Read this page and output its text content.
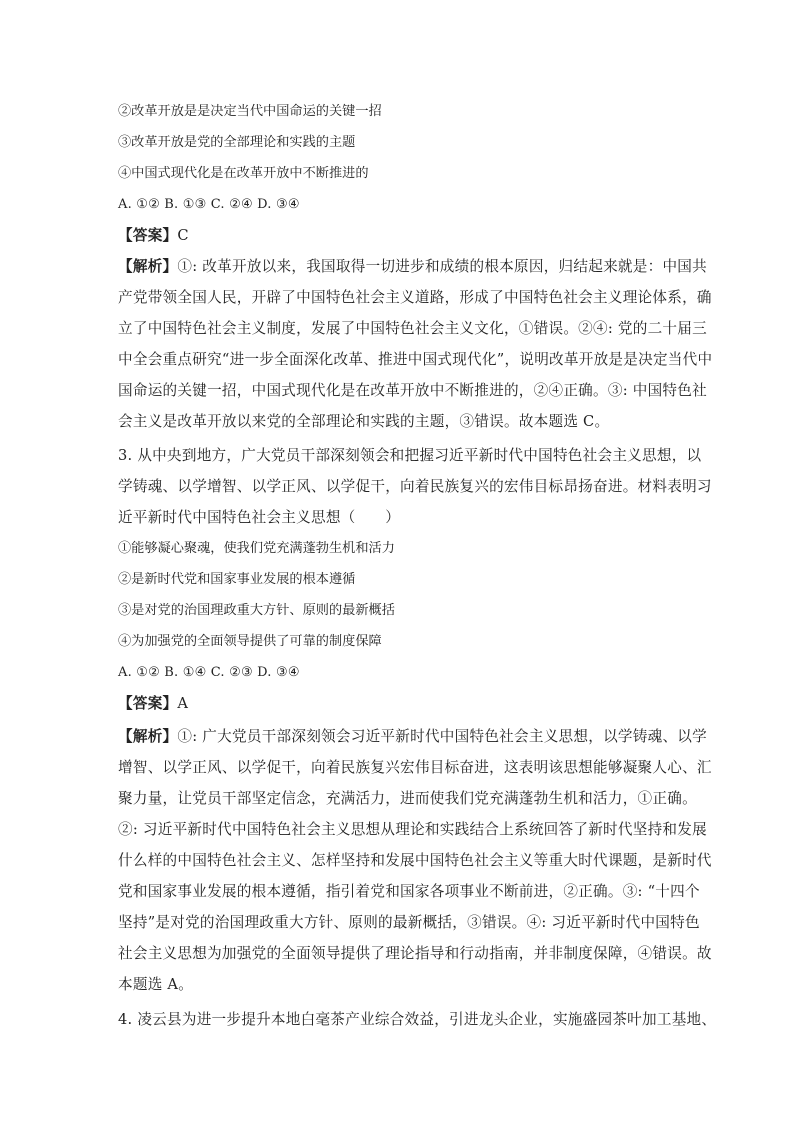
②改革开放是是决定当代中国命运的关键一招
③改革开放是党的全部理论和实践的主题
④中国式现代化是在改革开放中不断推进的
A. ①② B. ①③ C. ②④ D. ③④
【答案】C
【解析】①: 改革开放以来，我国取得一切进步和成绩的根本原因，归结起来就是：中国共
产党带领全国人民，开辟了中国特色社会主义道路，形成了中国特色社会主义理论体系，确
立了中国特色社会主义制度，发展了中国特色社会主义文化，①错误。②④: 党的二十届三
中全会重点研究“进一步全面深化改革、推进中国式现代化”，说明改革开放是是决定当代中
国命运的关键一招，中国式现代化是在改革开放中不断推进的，②④正确。③: 中国特色社
会主义是改革开放以来党的全部理论和实践的主题，③错误。故本题选 C。
3. 从中央到地方，广大党员干部深刻领会和把握习近平新时代中国特色社会主义思想，以
学铸魂、以学增智、以学正风、以学促干，向着民族复兴的宏伟目标昂扬奋进。材料表明习
近平新时代中国特色社会主义思想（　　）
①能够凝心聚魂，使我们党充满蓬勃生机和活力
②是新时代党和国家事业发展的根本遵循
③是对党的治国理政重大方针、原则的最新概括
④为加强党的全面领导提供了可靠的制度保障
A. ①② B. ①④ C. ②③ D. ③④
【答案】A
【解析】①: 广大党员干部深刻领会习近平新时代中国特色社会主义思想，以学铸魂、以学
增智、以学正风、以学促干，向着民族复兴宏伟目标奋进，这表明该思想能够凝聚人心、汇
聚力量，让党员干部坚定信念，充满活力，进而使我们党充满蓬勃生机和活力，①正确。
②: 习近平新时代中国特色社会主义思想从理论和实践结合上系统回答了新时代坚持和发展
什么样的中国特色社会主义、怎样坚持和发展中国特色社会主义等重大时代课题，是新时代
党和国家事业发展的根本遵循，指引着党和国家各项事业不断前进，②正确。③: “十四个
坚持”是对党的治国理政重大方针、原则的最新概括，③错误。④: 习近平新时代中国特色
社会主义思想为加强党的全面领导提供了理论指导和行动指南，并非制度保障，④错误。故
本题选 A。
4. 凌云县为进一步提升本地白毫茶产业综合效益，引进龙头企业，实施盛园茶叶加工基地、
